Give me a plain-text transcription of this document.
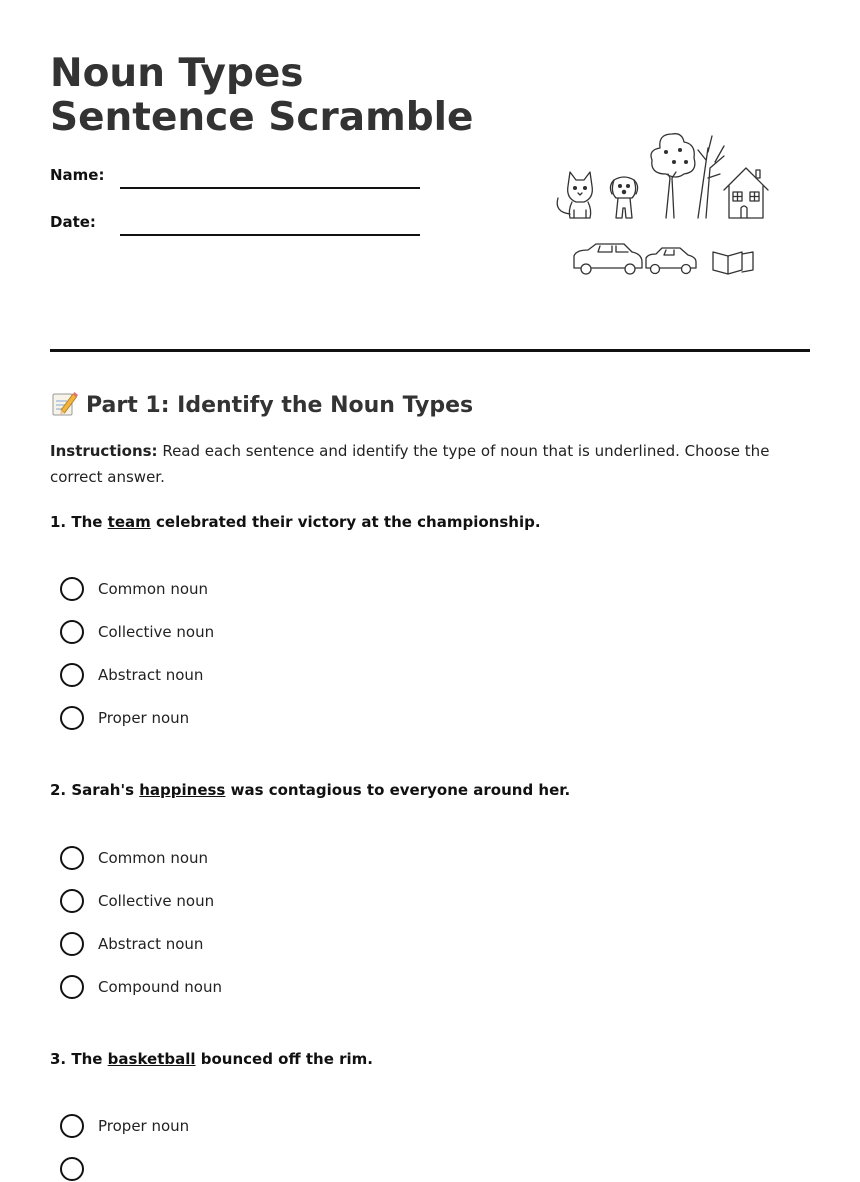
Noun Types Sentence Scramble
Name:
Date:
Part 1: Identify the Noun Types

Instructions: Read each sentence and identify the type of noun that is underlined. Choose the correct answer.

1. The team celebrated their victory at the championship.

Common noun
Collective noun
Abstract noun
Proper noun

2. Sarah's happiness was contagious to everyone around her.

Common noun
Collective noun
Abstract noun
Compound noun

3. The basketball bounced off the rim.

Proper noun
